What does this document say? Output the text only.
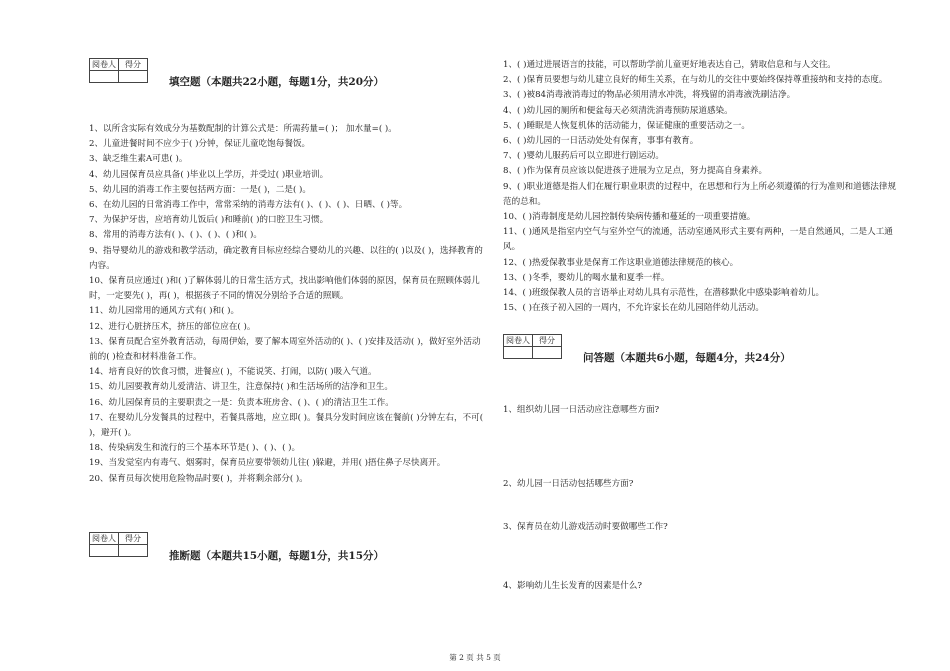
阅卷人	得分

填空题（本题共22小题，每题1分，共20分）

1、以所含实际有效成分为基数配制的计算公式是：所需药量=( )； 加水量=( )。

2、儿童进餐时间不应少于( )分钟，保证儿童吃饱每餐饭。

3、缺乏维生素A可患( )。

4、幼儿园保育员应具备( )毕业以上学历，并受过( )职业培训。

5、幼儿园的消毒工作主要包括两方面：一是( )，二是( )。

6、在幼儿园的日常消毒工作中，常常采纳的消毒方法有( )、( )、( )、日晒、( )等。

7、为保护牙齿，应培育幼儿饭后( )和睡前( )的口腔卫生习惯。

8、常用的消毒方法有( )、( )、( )、( )和( )。

9、指导婴幼儿的游戏和教学活动，确定教育目标应经综合婴幼儿的兴趣、以往的( )以及( )，选择教育的内容。

10、保育员应通过( )和( )了解体弱儿的日常生活方式，找出影响他们体弱的原因，保育员在照顾体弱儿时，一定要先( )，再( )，根据孩子不同的情况分别给予合适的照顾。

11、幼儿园常用的通风方式有( )和( )。

12、进行心脏挤压术，挤压的部位应在( )。

13、保育员配合室外教育活动，每周伊始，要了解本周室外活动的( )、( )安排及活动( )，做好室外活动前的( )检查和材料准备工作。

14、培育良好的饮食习惯，进餐应( )，不能说笑、打闹，以防( )吸入气道。

15、幼儿园要教育幼儿爱清洁、讲卫生，注意保持( )和生活场所的洁净和卫生。

16、幼儿园保育员的主要职责之一是：负责本班房舍、( )、( )的清洁卫生工作。

17、在婴幼儿分发餐具的过程中，若餐具落地，应立即( )。餐具分发时间应该在餐前( )分钟左右，不可( )，避开( )。

18、传染病发生和流行的三个基本环节是( )、( )、( )。

19、当发觉室内有毒气、烟雾时，保育员应要带领幼儿往( )躲避，并用( )捂住鼻子尽快离开。

20、保育员每次使用危险物品时要( )，并将剩余部分( )。

阅卷人	得分

推断题（本题共15小题，每题1分，共15分）

1、( )通过进展语言的技能，可以帮助学前儿童更好地表达自己，猜取信息和与人交往。

2、( )保育员要想与幼儿建立良好的师生关系，在与幼儿的交往中要始终保持尊重接纳和支持的态度。

3、( )被84消毒液消毒过的物品必须用清水冲洗，将残留的消毒液洗刷洁净。

4、( )幼儿园的厕所和便盆每天必须清洗消毒预防尿道感染。

5、( )睡眠是人恢复机体的活动能力，保证健康的重要活动之一。

6、( )幼儿园的一日活动处处有保育，事事有教育。

7、( )婴幼儿服药后可以立即进行剧运动。

8、( )作为保育员应该以促进孩子进展为立足点，努力提高自身素养。

9、( )职业道德是指人们在履行职业职责的过程中，在思想和行为上所必须遵循的行为准则和道德法律规范的总和。

10、( )消毒制度是幼儿园控制传染病传播和蔓延的一项重要措施。

11、( )通风是指室内空气与室外空气的流通，活动室通风形式主要有两种，一是自然通风，二是人工通风。

12、( )热爱保教事业是保育工作这职业道德法律规范的核心。

13、( )冬季，婴幼儿的喝水量和夏季一样。

14、( )班级保教人员的言语举止对幼儿具有示范性，在潜移默化中感染影响着幼儿。

15、( )在孩子初入园的一周内，不允许家长在幼儿园陪伴幼儿活动。

阅卷人	得分

问答题（本题共6小题，每题4分，共24分）
1、组织幼儿园一日活动应注意哪些方面?
2、幼儿园一日活动包括哪些方面?
3、保育员在幼儿游戏活动时要做哪些工作?
4、影响幼儿生长发育的因素是什么?
第 2 页 共 5 页
